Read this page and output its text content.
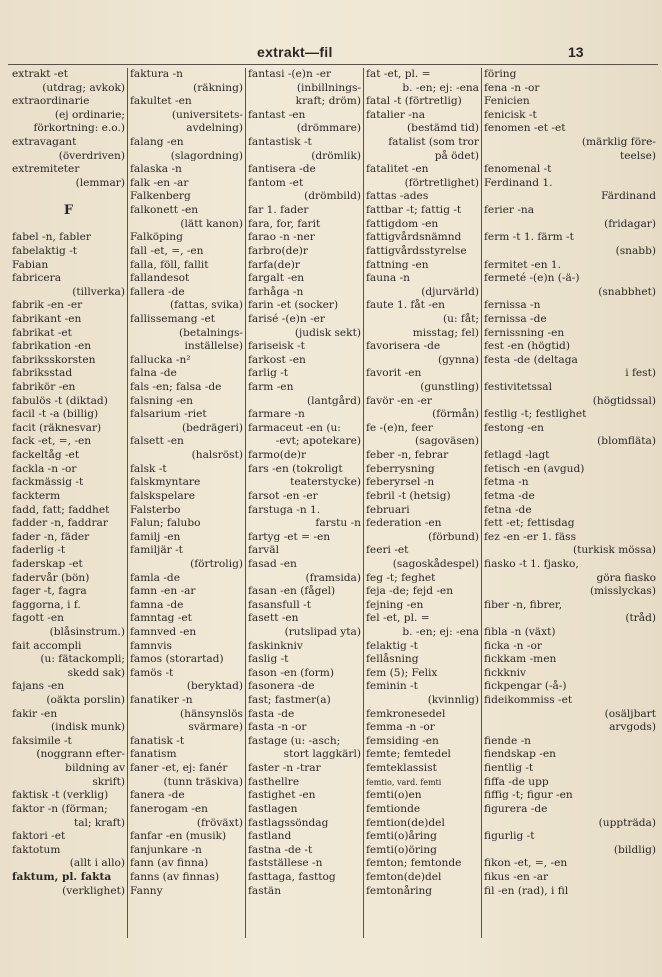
extrakt—fil	13
extrakt -et
(utdrag; avkok)
extraordinarie
(ej ordinarie;
förkortning: e.o.)
extravagant
(överdriven)
extremiteter
(lemmar)
F
fabel -n, fabler
fabelaktig -t
Fabian
fabricera
(tillverka)
fabrik -en -er
fabrikant -en
fabrikat -et
fabrikation -en
fabriksskorsten
fabriksstad
fabrikör -en
fabulös -t (diktad)
facil -t -a (billig)
facit (räknesvar)
fack -et, =, -en
fackeltåg -et
fackla -n -or
fackmässig -t
fackterm
fadd, fatt; faddhet
fadder -n, faddrar
fader -n, fäder
faderlig -t
faderskap -et
fadervår (bön)
fager -t, fagra
faggorna, i f.
fagott -en
(blåsinstrum.)
fait accompli
(u: fätackompli;
skedd sak)
fajans -en
(oäkta porslin)
fakir -en
(indisk munk)
faksimile -t
(noggrann efter-
bildning av
skrift)
faktisk -t (verklig)
faktor -n (förman;
tal; kraft)
faktori -et
faktotum
(allt i allo)
faktum, pl. fakta
(verklighet)
faktura -n
(räkning)
fakultet -en
(universitets-
avdelning)
falang -en
(slagordning)
falaska -n
falk -en -ar
Falkenberg
falkonett -en
(lätt kanon)
Falköping
fall -et, =, -en
falla, föll, fallit
fallandesot
fallera -de
(fattas, svika)
fallissemang -et
(betalnings-
inställelse)
fallucka -n²
falna -de
fals -en; falsa -de
falsning -en
falsarium -riet
(bedrägeri)
falsett -en
(halsröst)
falsk -t
falskmyntare
falskspelare
Falsterbo
Falun; falubo
familj -en
familjär -t
(förtrolig)
famla -de
famn -en -ar
famna -de
famntag -et
famnved -en
famnvis
famos (storartad)
famös -t
(beryktad)
fanatiker -n
(hänsynslös
svärmare)
fanatisk -t
fanatism
faner -et, ej: fanér
(tunn träskiva)
fanera -de
fanerogam -en
(fröväxt)
fanfar -en (musik)
fanjunkare -n
fann (av finna)
fanns (av finnas)
Fanny
fantasi -(e)n -er
(inbillnings-
kraft; dröm)
fantast -en
(drömmare)
fantastisk -t
(drömlik)
fantisera -de
fantom -et
(drömbild)
far 1. fader
fara, for, farit
farao -n -ner
farbro(de)r
farfa(de)r
fargalt -en
farhåga -n
farin -et (socker)
farisé -(e)n -er
(judisk sekt)
fariseisk -t
farkost -en
farlig -t
farm -en
(lantgård)
farmare -n
farmaceut -en (u:
-evt; apotekare)
farmo(de)r
fars -en (tokroligt
teaterstycke)
farsot -en -er
farstuga -n 1.
farstu -n
fartyg -et = -en
farväl
fasad -en
(framsida)
fasan -en (fågel)
fasansfull -t
fasett -en
(rutslipad yta)
faskinkniv
faslig -t
fason -en (form)
fasonera -de
fast; fastmer(a)
fasta -de
fasta -n -or
fastage (u: -asch;
stort laggkärl)
faster -n -trar
fasthellre
fastighet -en
fastlagen
fastlagssöndag
fastland
fastna -de -t
fastställese -n
fasttaga, fasttog
fastän
fat -et, pl. =
b. -en; ej: -ena
fatal -t (förtretlig)
fatalier -na
(bestämd tid)
fatalist (som tror
på ödet)
fatalitet -en
(förtretlighet)
fattas -ades
fattbar -t; fattig -t
fattigdom -en
fattigvårdsnämnd
fattigvårdsstyrelse
fattning -en
fauna -n
(djurvärld)
faute 1. fåt -en
(u: fåt;
misstag; fel)
favorisera -de
(gynna)
favorit -en
(gunstling)
favör -en -er
(förmån)
fe -(e)n, feer
(sagoväsen)
feber -n, febrar
feberrysning
feberyrsel -n
febril -t (hetsig)
februari
federation -en
(förbund)
feeri -et
(sagoskådespel)
feg -t; feghet
feja -de; fejd -en
fejning -en
fel -et, pl. =
b. -en; ej: -ena
felaktig -t
fellåsning
fem (5); Felix
feminin -t
(kvinnlig)
femkronesedel
femma -n -or
femsiding -en
femte; femtedel
femteklassist
femtio, vard. femti
femti(o)en
femtionde
femtion(de)del
femti(o)åring
femti(o)öring
femton; femtonde
femton(de)del
femtonåring
föring
fena -n -or
Fenicien
fenicisk -t
fenomen -et -et
(märklig före-
teelse)
fenomenal -t
Ferdinand 1.
Färdinand
ferier -na
(fridagar)
ferm -t 1. färm -t
(snabb)
fermitet -en 1.
fermeté -(e)n (-ä-)
(snabbhet)
fernissa -n
fernissa -de
fernissning -en
fest -en (högtid)
festa -de (deltaga
i fest)
festivitetssal
(högtidssal)
festlig -t; festlighet
festong -en
(blomfläta)
fetlagd -lagt
fetisch -en (avgud)
fetma -n
fetma -de
fetna -de
fett -et; fettisdag
fez -en -er 1. fäss
(turkisk mössa)
fiasko -t 1. fjasko,
göra fiasko
(misslyckas)
fiber -n, fibrer,
(tråd)
fibla -n (växt)
ficka -n -or
fickkam -men
fickkniv
fickpengar (-å-)
fideikommiss -et
(osäljbart
arvgods)
fiende -n
fiendskap -en
fientlig -t
fiffa -de upp
fiffig -t; figur -en
figurera -de
(uppträda)
figurlig -t
(bildlig)
fikon -et, =, -en
fikus -en -ar
fil -en (rad), i fil
